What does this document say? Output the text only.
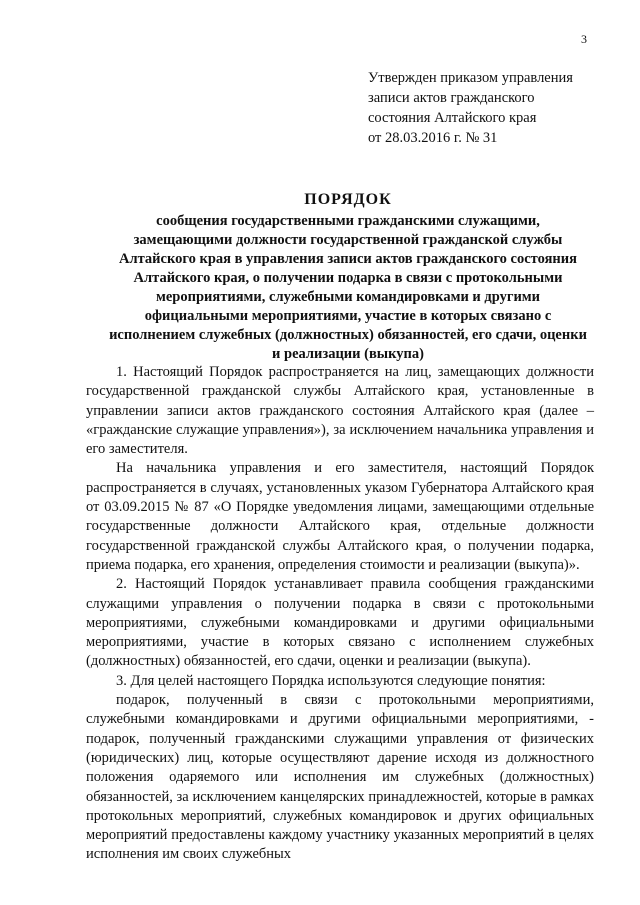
3
Утвержден приказом управления
записи актов гражданского
состояния Алтайского края
от 28.03.2016 г. № 31
ПОРЯДОК
сообщения государственными гражданскими служащими,
замещающими должности государственной гражданской службы
Алтайского края в управления записи актов гражданского состояния
Алтайского края, о получении подарка в связи с протокольными
мероприятиями, служебными командировками и другими
официальными мероприятиями, участие в которых связано с
исполнением служебных (должностных) обязанностей, его сдачи, оценки
и реализации (выкупа)

1. Настоящий Порядок распространяется на лиц, замещающих должности государственной гражданской службы Алтайского края, установленные в управлении записи актов гражданского состояния Алтайского края (далее – «гражданские служащие управления»), за исключением начальника управления и его заместителя.

На начальника управления и его заместителя, настоящий Порядок распространяется в случаях, установленных указом Губернатора Алтайского края от 03.09.2015 № 87 «О Порядке уведомления лицами, замещающими отдельные государственные должности Алтайского края, отдельные должности государственной гражданской службы Алтайского края, о получении подарка, приема подарка, его хранения, определения стоимости и реализации (выкупа)».

2. Настоящий Порядок устанавливает правила сообщения гражданскими служащими управления о получении подарка в связи с протокольными мероприятиями, служебными командировками и другими официальными мероприятиями, участие в которых связано с исполнением служебных (должностных) обязанностей, его сдачи, оценки и реализации (выкупа).

3. Для целей настоящего Порядка используются следующие понятия:

подарок, полученный в связи с протокольными мероприятиями, служебными командировками и другими официальными мероприятиями, - подарок, полученный гражданскими служащими управления от физических (юридических) лиц, которые осуществляют дарение исходя из должностного положения одаряемого или исполнения им служебных (должностных) обязанностей, за исключением канцелярских принадлежностей, которые в рамках протокольных мероприятий, служебных командировок и других официальных мероприятий предоставлены каждому участнику указанных мероприятий в целях исполнения им своих служебных
